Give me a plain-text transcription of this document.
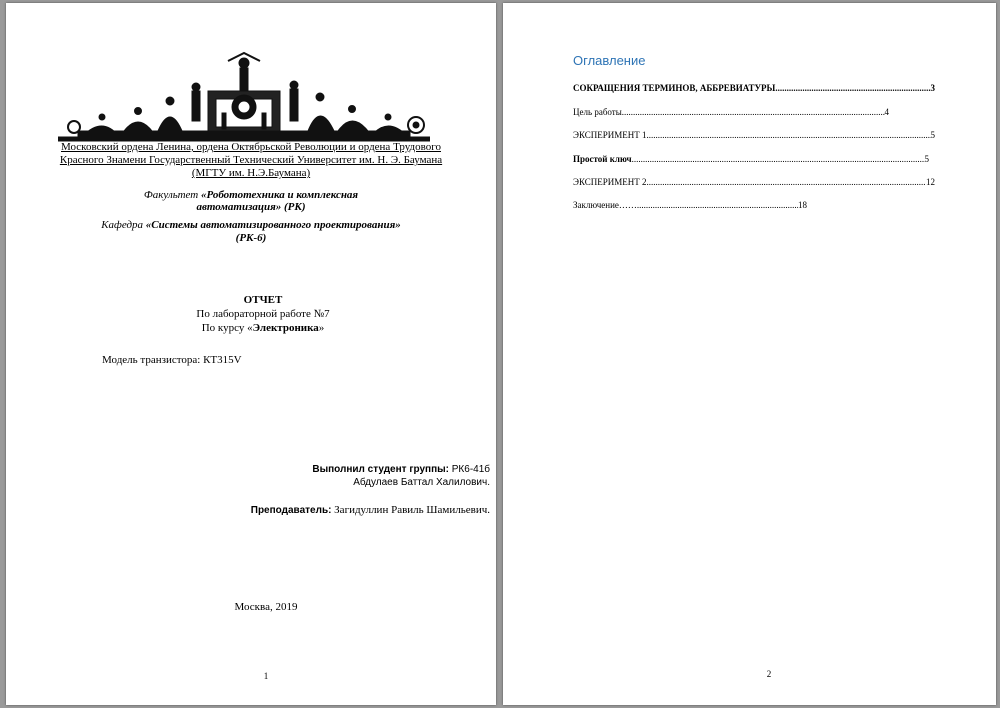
Московский ордена Ленина, ордена Октябрьской Революции и ордена Трудового
Красного Знамени Государственный Технический Университет им. Н. Э. Баумана
(МГТУ им. Н.Э.Баумана)
Факультет «Робототехника и комплексная
автоматизация» (РК)
Кафедра «Системы автоматизированного проектирования»
(РК-6)
ОТЧЕТ
По лабораторной работе №7
По курсу «Электроника»
Модель транзистора: КТ315V
Выполнил студент группы: РК6-41б
Абдулаев Баттал Халилович.
Преподаватель: Загидуллин Равиль Шамильевич.
Москва, 2019
1
Оглавление
СОКРАЩЕНИЯ ТЕРМИНОВ, АББРЕВИАТУРЫ .....	3
Цель работы .....	4
ЭКСПЕРИМЕНТ 1 .....	5
Простой ключ .....	5
ЭКСПЕРИМЕНТ 2 .....	12
Заключение…… .....	18
2
